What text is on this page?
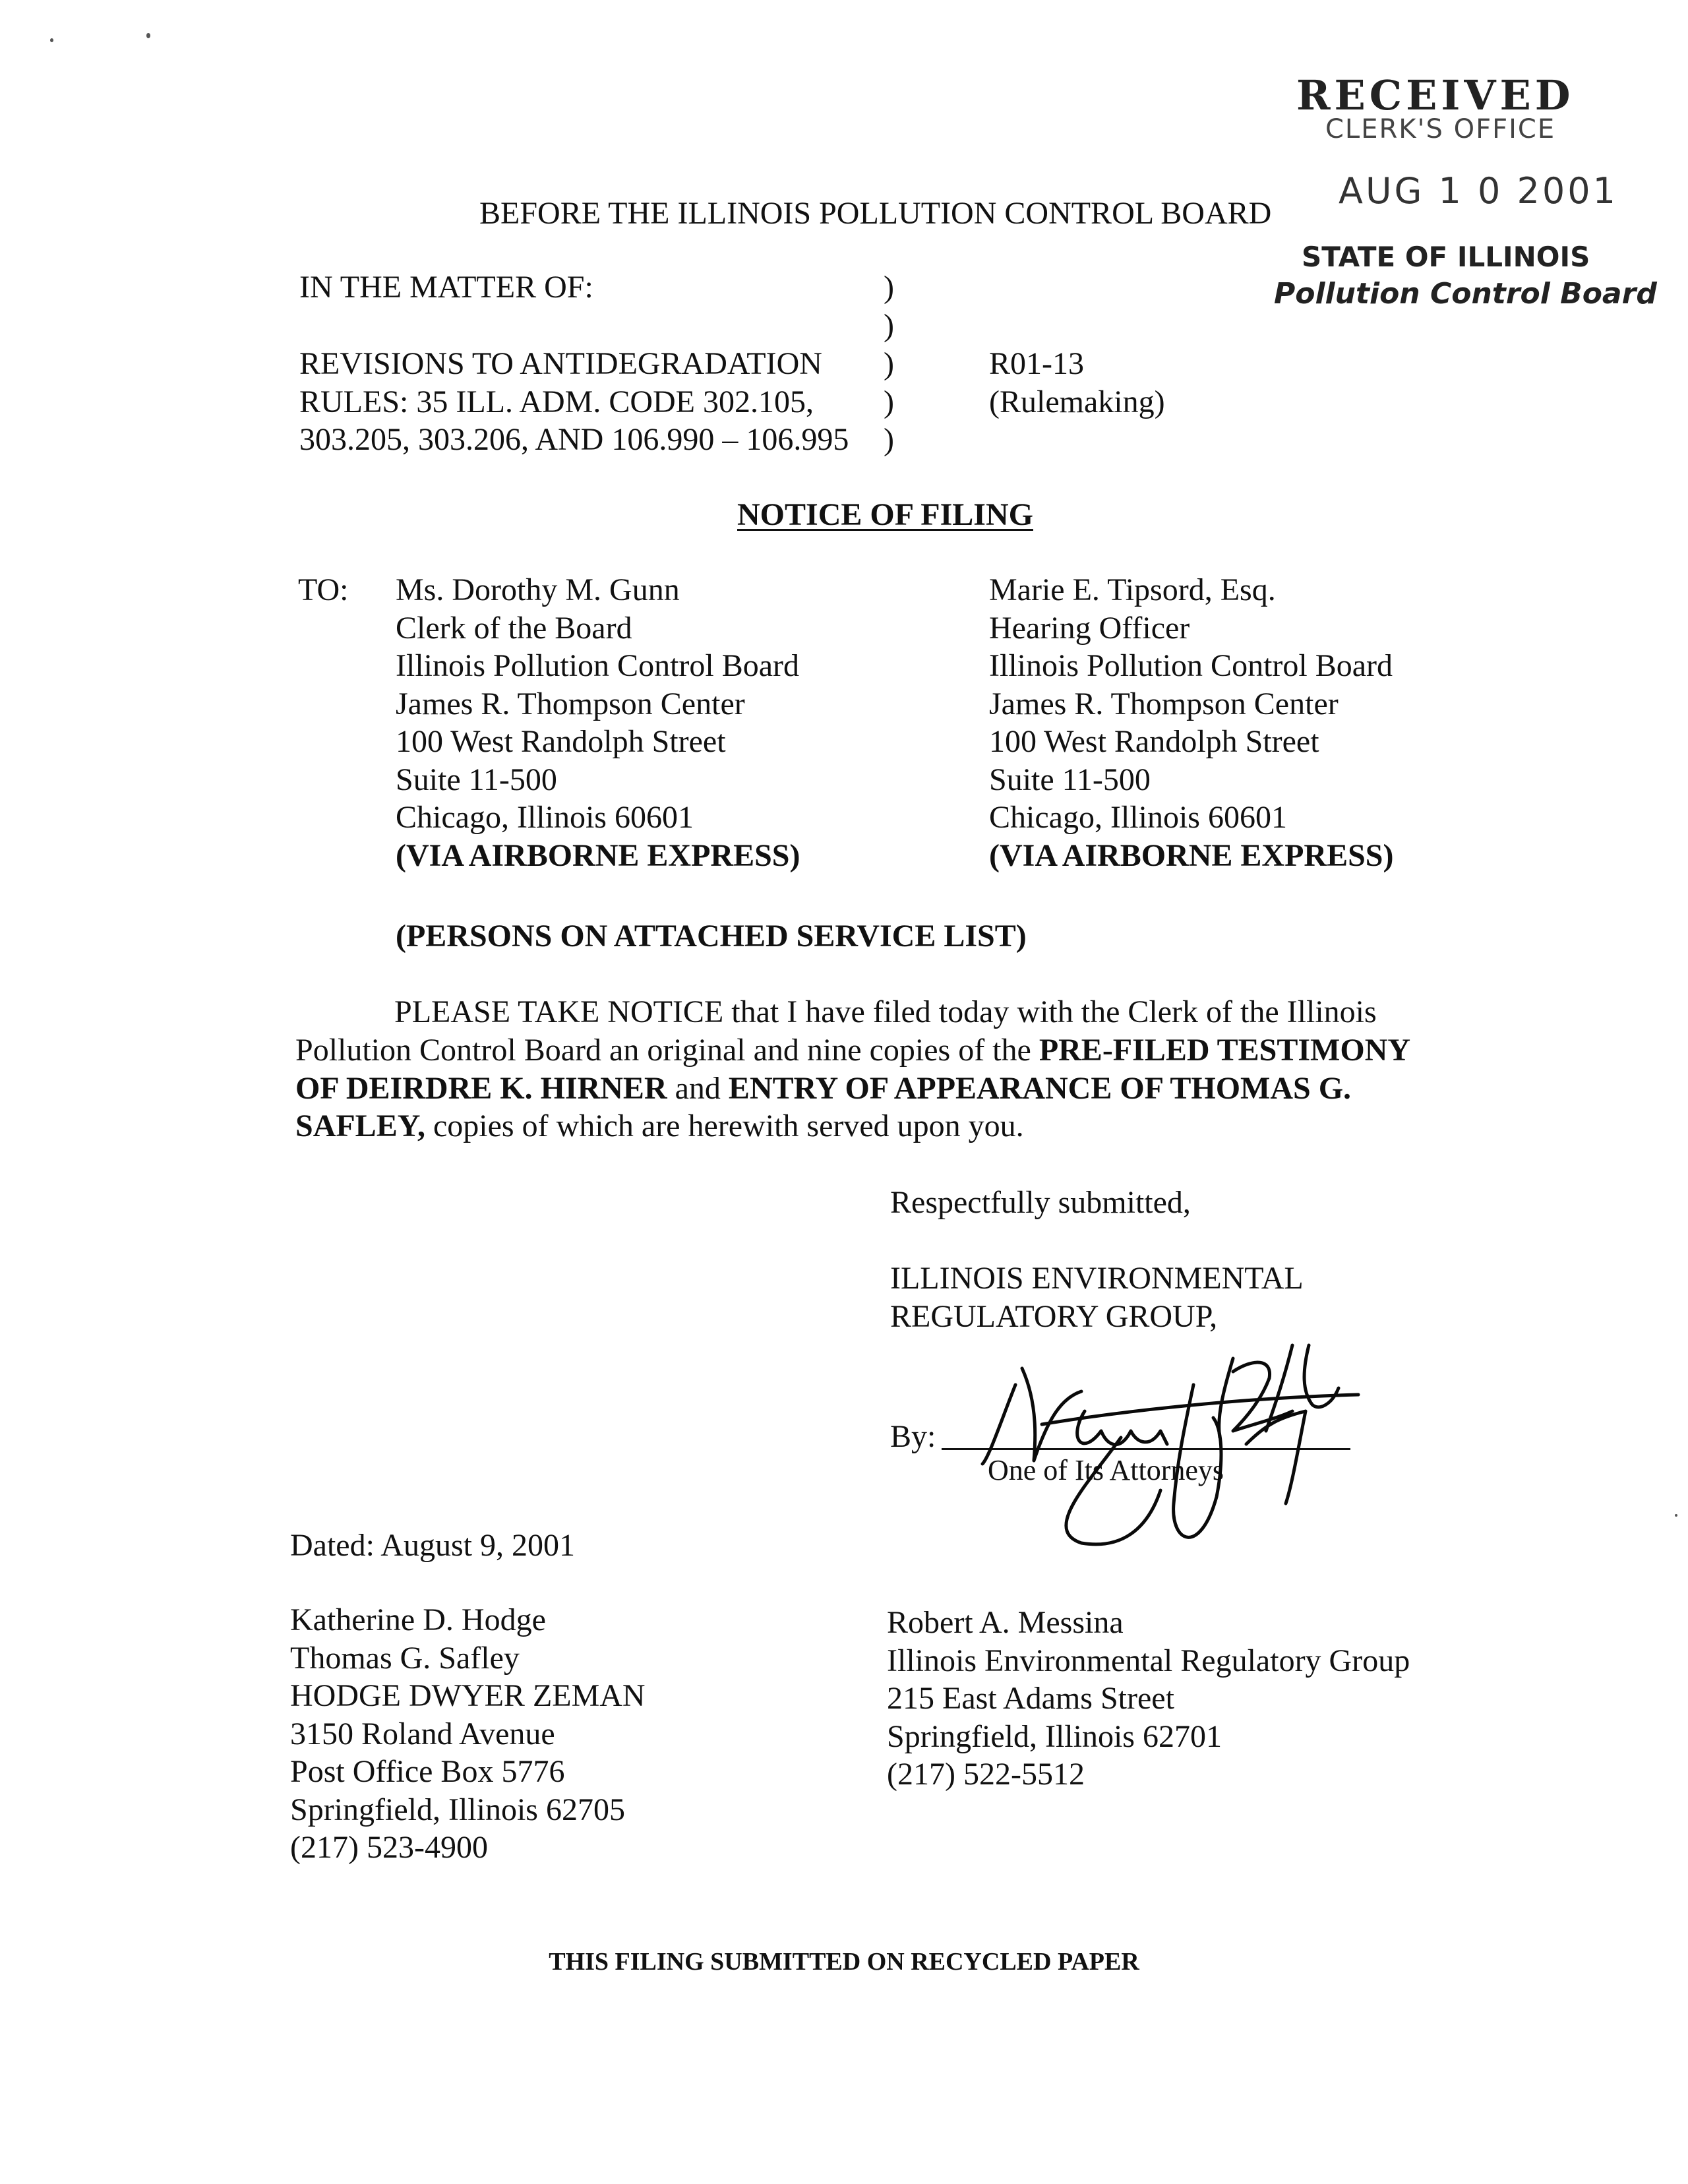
RECEIVED
CLERK'S OFFICE
AUG 1 0 2001
STATE OF ILLINOIS
Pollution Control Board
BEFORE THE ILLINOIS POLLUTION CONTROL BOARD
IN THE MATTER OF:
REVISIONS TO ANTIDEGRADATION
RULES: 35 ILL. ADM. CODE 302.105,
303.205, 303.206, AND 106.990 – 106.995
)
)
)
)
)
R01-13
(Rulemaking)
NOTICE OF FILING
TO: Ms. Dorothy M. Gunn
Clerk of the Board
Illinois Pollution Control Board
James R. Thompson Center
100 West Randolph Street
Suite 11-500
Chicago, Illinois 60601
(VIA AIRBORNE EXPRESS)
Marie E. Tipsord, Esq.
Hearing Officer
Illinois Pollution Control Board
James R. Thompson Center
100 West Randolph Street
Suite 11-500
Chicago, Illinois 60601
(VIA AIRBORNE EXPRESS)
(PERSONS ON ATTACHED SERVICE LIST)
PLEASE TAKE NOTICE that I have filed today with the Clerk of the Illinois
Pollution Control Board an original and nine copies of the PRE-FILED TESTIMONY
OF DEIRDRE K. HIRNER and ENTRY OF APPEARANCE OF THOMAS G.
SAFLEY, copies of which are herewith served upon you.
Respectfully submitted,
ILLINOIS ENVIRONMENTAL
REGULATORY GROUP,
By:
One of Its Attorneys
Dated: August 9, 2001
Katherine D. Hodge
Thomas G. Safley
HODGE DWYER ZEMAN
3150 Roland Avenue
Post Office Box 5776
Springfield, Illinois 62705
(217) 523-4900
Robert A. Messina
Illinois Environmental Regulatory Group
215 East Adams Street
Springfield, Illinois 62701
(217) 522-5512
THIS FILING SUBMITTED ON RECYCLED PAPER
